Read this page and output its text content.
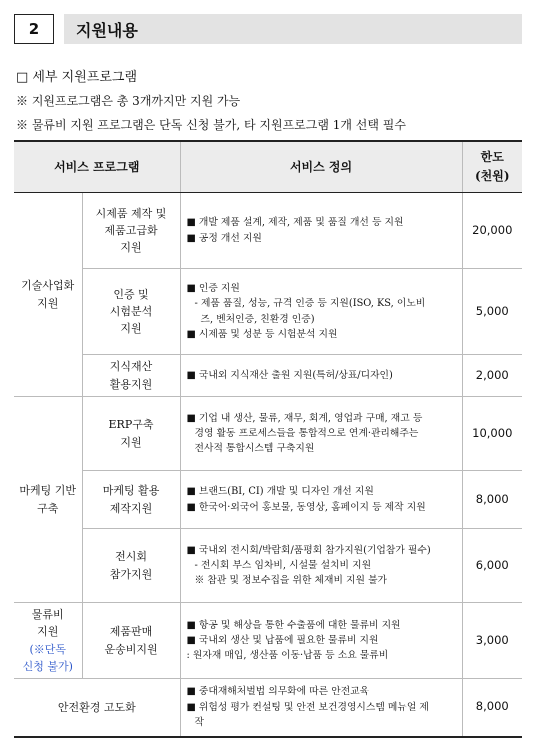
2	지원내용
□ 세부 지원프로그램
※ 지원프로그램은 총 3개까지만 지원 가능
※ 물류비 지원 프로그램은 단독 신청 불가, 타 지원프로그램 1개 선택 필수
서비스 프로그램		서비스 정의	한도
(천원)
기술사업화 지원	시제품 제작 및
제품고급화
지원	■ 개발 제품 설계, 제작, 제품 및 품질 개선 등 지원
■ 공정 개선 지원	20,000
	인증 및
시험분석
지원	■ 인증 지원
- 제품 품질, 성능, 규격 인증 등 지원(ISO, KS, 이노비
즈, 벤처인증, 친환경 인증)
■ 시제품 및 성분 등 시험분석 지원	5,000
	지식재산
활용지원	■ 국내외 지식재산 출원 지원(특허/상표/디자인)	2,000
마케팅 기반구축	ERP구축
지원	■ 기업 내 생산, 물류, 재무, 회계, 영업과 구매, 재고 등
경영 활동 프로세스들을 통합적으로 연계·관리해주는
전사적 통합시스템 구축지원	10,000
	마케팅 활용
제작지원	■ 브랜드(BI, CI) 개발 및 디자인 개선 지원
■ 한국어·외국어 홍보물, 동영상, 홈페이지 등 제작 지원	8,000
	전시회
참가지원	■ 국내외 전시회/박람회/품평회 참가지원(기업참가 필수)
- 전시회 부스 임차비, 시설물 설치비 지원
※ 참관 및 정보수집을 위한 체재비 지원 불가	6,000
물류비
지원
(※단독
신청 불가)	제품판매
운송비지원	■ 항공 및 해상을 통한 수출품에 대한 물류비 지원
■ 국내외 생산 및 납품에 필요한 물류비 지원
: 원자재 매입, 생산품 이동·납품 등 소요 물류비	3,000
안전환경 고도화		■ 중대재해처벌법 의무화에 따른 안전교육
■ 위험성 평가 컨설팅 및 안전 보건경영시스템 메뉴얼 제
작	8,000
